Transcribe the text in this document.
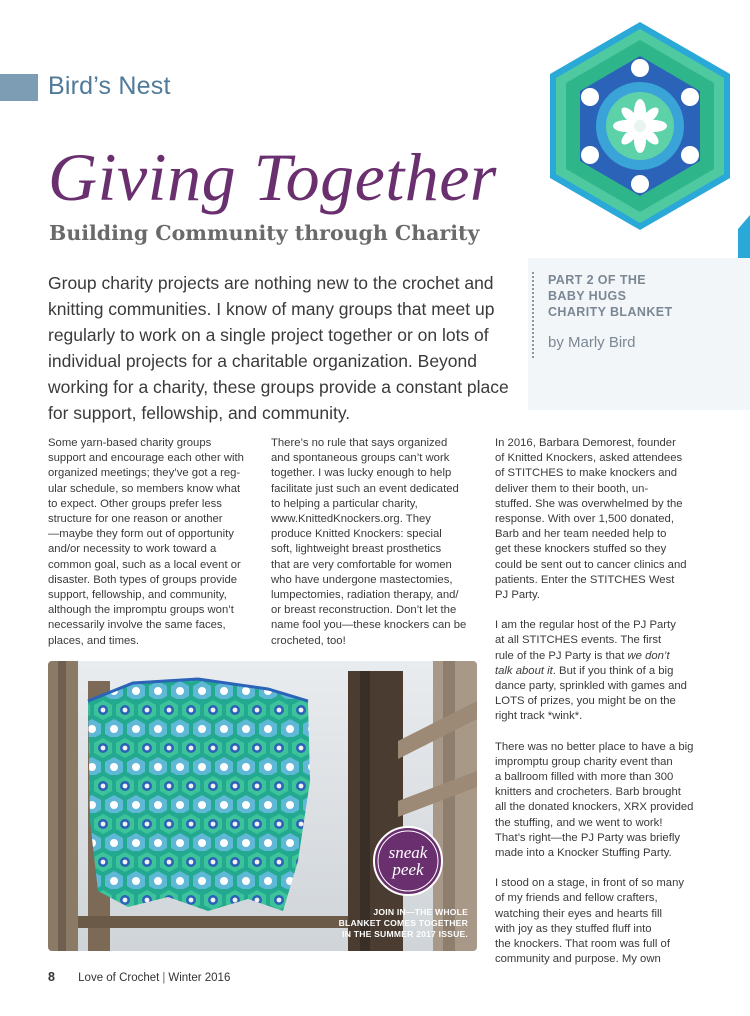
Bird’s Nest
Giving Together
Building Community through Charity
Group charity projects are nothing new to the crochet and knitting communities. I know of many groups that meet up regularly to work on a single project together or on lots of individual projects for a charitable organization. Beyond working for a charity, these groups provide a constant place for support, fellowship, and community.
PART 2 OF THE
BABY HUGS
CHARITY BLANKET
by Marly Bird

Some yarn-based charity groups
support and encourage each other with
organized meetings; they’ve got a reg-
ular schedule, so members know what
to expect. Other groups prefer less
structure for one reason or another
—maybe they form out of opportunity
and/or necessity to work toward a
common goal, such as a local event or
disaster. Both types of groups provide
support, fellowship, and community,
although the impromptu groups won’t
necessarily involve the same faces,
places, and times.

There’s no rule that says organized
and spontaneous groups can’t work
together. I was lucky enough to help
facilitate just such an event dedicated
to helping a particular charity,
www.KnittedKnockers.org. They
produce Knitted Knockers: special
soft, lightweight breast prosthetics
that are very comfortable for women
who have undergone mastectomies,
lumpectomies, radiation therapy, and/
or breast reconstruction. Don’t let the
name fool you—these knockers can be
crocheted, too!

In 2016, Barbara Demorest, founder
of Knitted Knockers, asked attendees
of STITCHES to make knockers and
deliver them to their booth, un-
stuffed. She was overwhelmed by the
response. With over 1,500 donated,
Barb and her team needed help to
get these knockers stuffed so they
could be sent out to cancer clinics and
patients. Enter the STITCHES West
PJ Party.

I am the regular host of the PJ Party
at all STITCHES events. The first
rule of the PJ Party is that we don’t
talk about it. But if you think of a big
dance party, sprinkled with games and
LOTS of prizes, you might be on the
right track *wink*.

There was no better place to have a big
impromptu group charity event than
a ballroom filled with more than 300
knitters and crocheters. Barb brought
all the donated knockers, XRX provided
the stuffing, and we went to work!
That’s right—the PJ Party was briefly
made into a Knocker Stuffing Party.

I stood on a stage, in front of so many
of my friends and fellow crafters,
watching their eyes and hearts fill
with joy as they stuffed fluff into
the knockers. That room was full of
community and purpose. My own

sneak
peek
JOIN IN—THE WHOLE
BLANKET COMES TOGETHER
IN THE SUMMER 2017 ISSUE.
8 Love of Crochet | Winter 2016
